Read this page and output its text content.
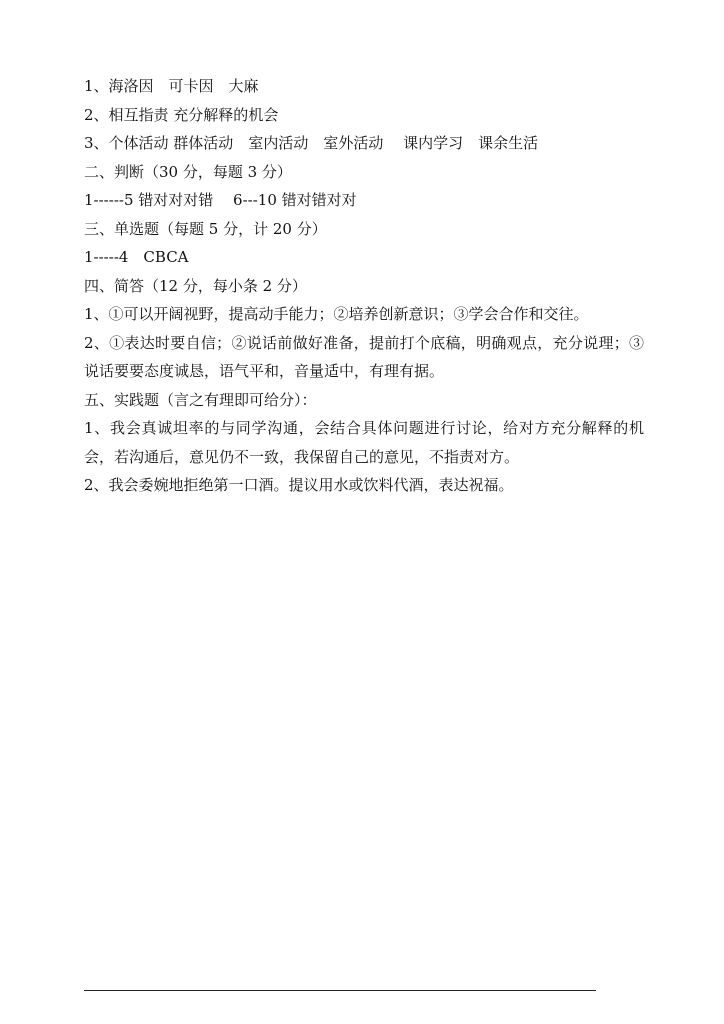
1、海洛因　可卡因　大麻
2、相互指责 充分解释的机会
3、个体活动 群体活动　室内活动　室外活动　 课内学习　课余生活
二、判断（30 分，每题 3 分）
1------5 错对对对错　 6---10 错对错对对
三、单选题（每题 5 分，计 20 分）
1-----4　CBCA
四、简答（12 分，每小条 2 分）
1、①可以开阔视野，提高动手能力；②培养创新意识；③学会合作和交往。
2、①表达时要自信；②说话前做好准备，提前打个底稿，明确观点，充分说理；③说话要要态度诚恳，语气平和，音量适中，有理有据。
五、实践题（言之有理即可给分）：
1、我会真诚坦率的与同学沟通，会结合具体问题进行讨论，给对方充分解释的机会，若沟通后，意见仍不一致，我保留自己的意见，不指责对方。
2、我会委婉地拒绝第一口酒。提议用水或饮料代酒，表达祝福。
